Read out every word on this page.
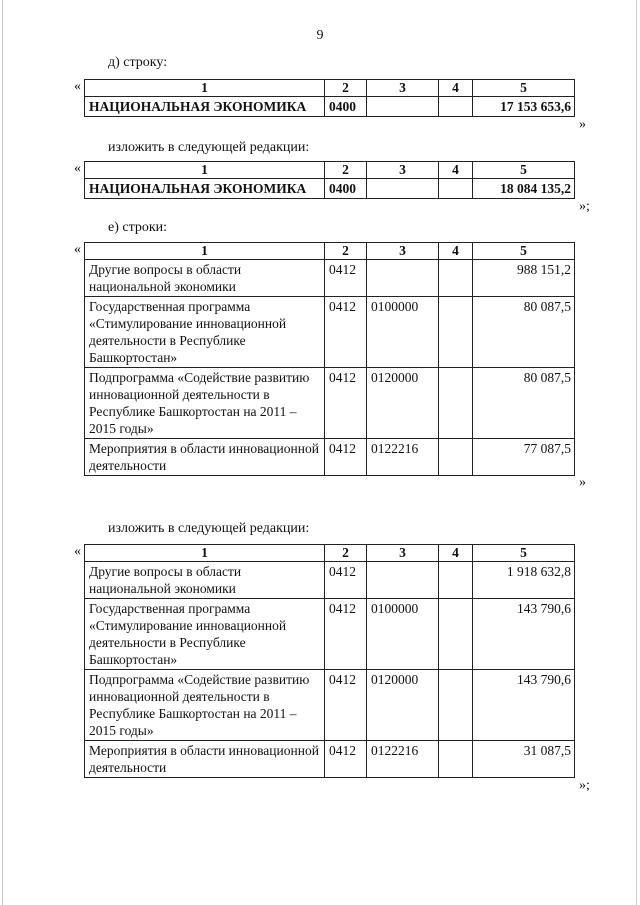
9
д) строку:
«	1	2	3	4	5
НАЦИОНАЛЬНАЯ ЭКОНОМИКА	0400			17 153 653,6
»
изложить в следующей редакции:
«	1	2	3	4	5
НАЦИОНАЛЬНАЯ ЭКОНОМИКА	0400			18 084 135,2
»;
е) строки:
«	1	2	3	4	5
Другие вопросы в области национальной экономики	0412			988 151,2
Государственная программа «Стимулирование инновационной деятельности в Республике Башкортостан»	0412	0100000		80 087,5
Подпрограмма «Содействие развитию инновационной деятельности в Республике Башкортостан на 2011 – 2015 годы»	0412	0120000		80 087,5
Мероприятия в области инновационной деятельности	0412	0122216		77 087,5
»
изложить в следующей редакции:
«	1	2	3	4	5
Другие вопросы в области национальной экономики	0412			1 918 632,8
Государственная программа «Стимулирование инновационной деятельности в Республике Башкортостан»	0412	0100000		143 790,6
Подпрограмма «Содействие развитию инновационной деятельности в Республике Башкортостан на 2011 – 2015 годы»	0412	0120000		143 790,6
Мероприятия в области инновационной деятельности	0412	0122216		31 087,5
»;
